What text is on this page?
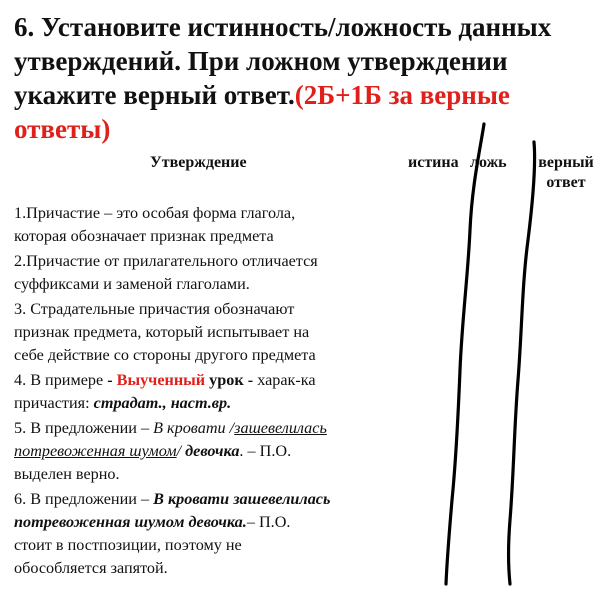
6. Установите истинность/ложность данных
утверждений. При ложном утверждении
укажите верный ответ.(2Б+1Б за верные
ответы)
Утверждение	истина ложь	верный
ответ
1.Причастие – это особая форма глагола,
которая обозначает признак предмета
2.Причастие от прилагательного отличается
суффиксами и заменой глаголами.
3. Страдательные причастия обозначают
признак предмета, который испытывает на
себе действие со стороны другого предмета
4. В примере - Выученный урок - харак-ка
причастия: страдат., наст.вр.
5. В предложении – В кровати /зашевелилась
потревоженная шумом/ девочка. – П.О.
выделен верно.
6. В предложении – В кровати зашевелилась
потревоженная шумом девочка.– П.О.
стоит в постпозиции, поэтому не
обособляется запятой.
